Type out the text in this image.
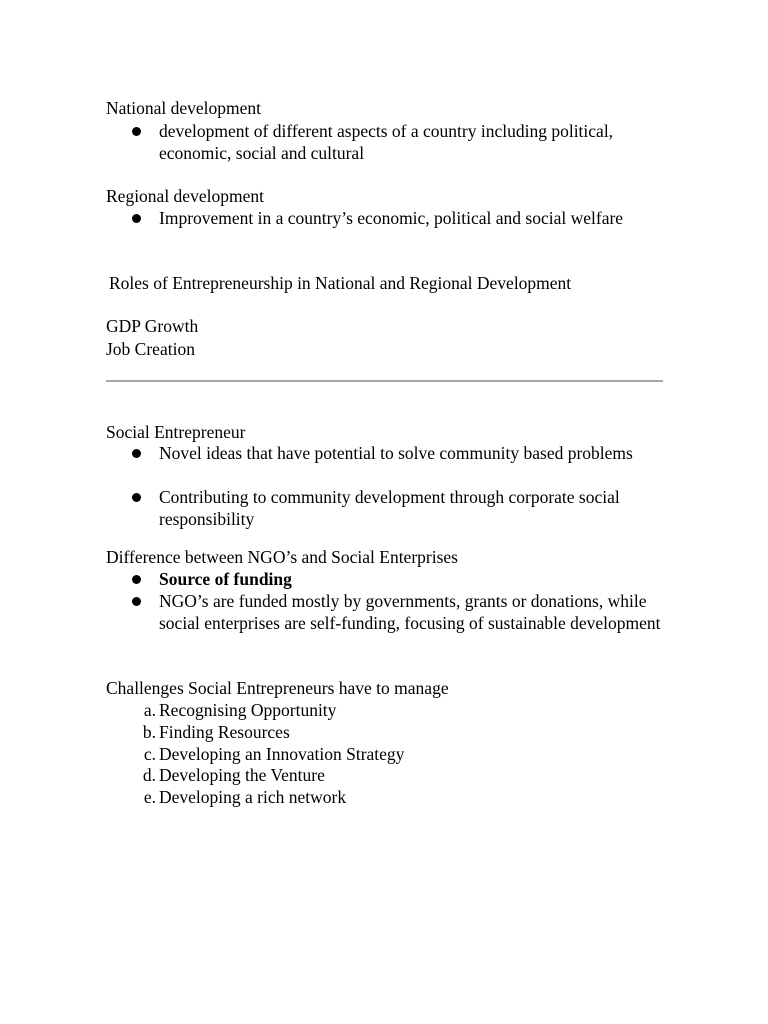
National development
development of different aspects of a country including political, economic, social and cultural
Regional development
Improvement in a country’s economic, political and social welfare
Roles of Entrepreneurship in National and Regional Development
GDP Growth
Job Creation
Social Entrepreneur
Novel ideas that have potential to solve community based problems
Contributing to community development through corporate social responsibility
Difference between NGO’s and Social Enterprises
Source of funding
NGO’s are funded mostly by governments, grants or donations, while social enterprises are self-funding, focusing of sustainable development
Challenges Social Entrepreneurs have to manage
a. Recognising Opportunity
b. Finding Resources
c. Developing an Innovation Strategy
d. Developing the Venture
e. Developing a rich network
